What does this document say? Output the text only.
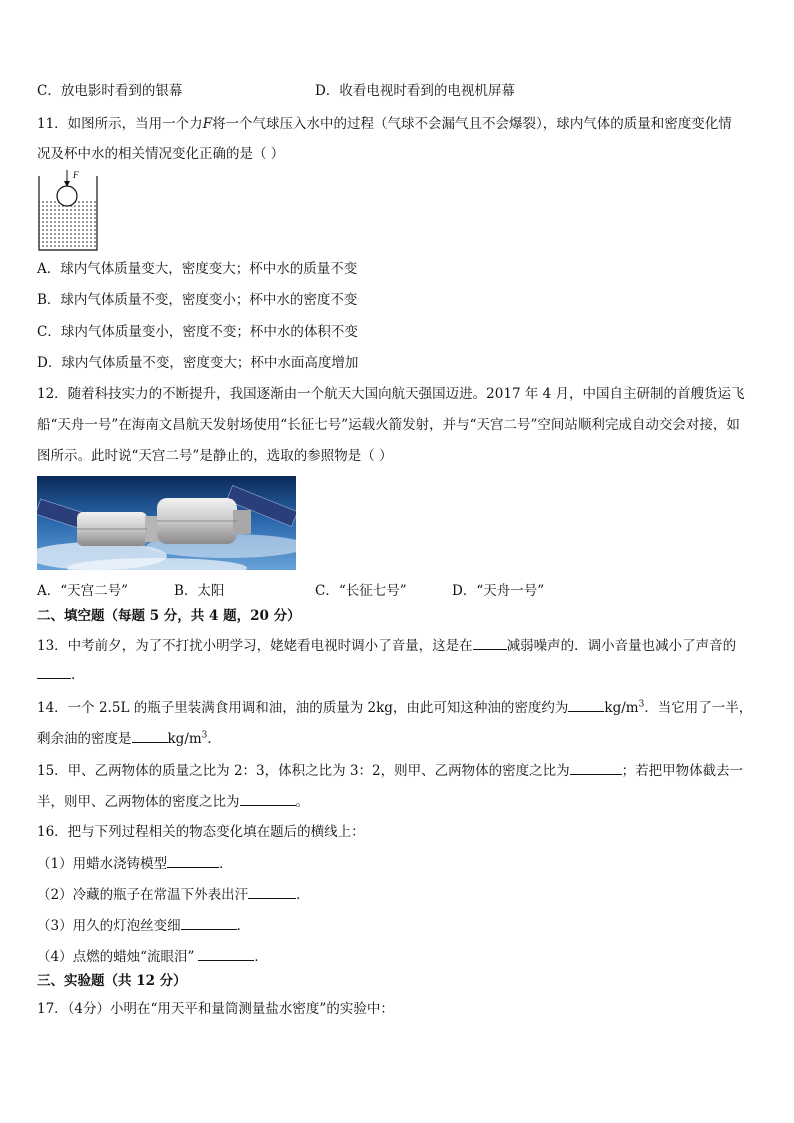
C．放电影时看到的银幕	D．收看电视时看到的电视机屏幕
11．如图所示，当用一个力F将一个气球压入水中的过程（气球不会漏气且不会爆裂），球内气体的质量和密度变化情
况及杯中水的相关情况变化正确的是（ ）
F
A．球内气体质量变大，密度变大；杯中水的质量不变
B．球内气体质量不变，密度变小；杯中水的密度不变
C．球内气体质量变小，密度不变；杯中水的体积不变
D．球内气体质量不变，密度变大；杯中水面高度增加
12．随着科技实力的不断提升，我国逐渐由一个航天大国向航天强国迈进。2017 年 4 月，中国自主研制的首艘货运飞
船“天舟一号”在海南文昌航天发射场使用“长征七号”运载火箭发射，并与“天宫二号”空间站顺利完成自动交会对接，如
图所示。此时说“天宫二号”是静止的，选取的参照物是（ ）
A．“天宫二号”	B．太阳	C．“长征七号”	D．“天舟一号”
二、填空题（每题 5 分，共 4 题，20 分）
13．中考前夕，为了不打扰小明学习，姥姥看电视时调小了音量，这是在	减弱噪声的．调小音量也减小了声音的
.
14．一个 2.5L 的瓶子里装满食用调和油，油的质量为 2kg，由此可知这种油的密度约为	$kg/m^3$．当它用了一半，
剩余油的密度是	$kg/m^3$．
15．甲、乙两物体的质量之比为 2：3，体积之比为 3：2，则甲、乙两物体的密度之比为	；若把甲物体截去一
半，则甲、乙两物体的密度之比为	。
16．把与下列过程相关的物态变化填在题后的横线上：
（1）用蜡水浇铸模型	．
（2）冷藏的瓶子在常温下外表出汗	．
（3）用久的灯泡丝变细	．
（4）点燃的蜡烛“流眼泪”	．
三、实验题（共 12 分）
17．（4分）小明在“用天平和量筒测量盐水密度”的实验中：
